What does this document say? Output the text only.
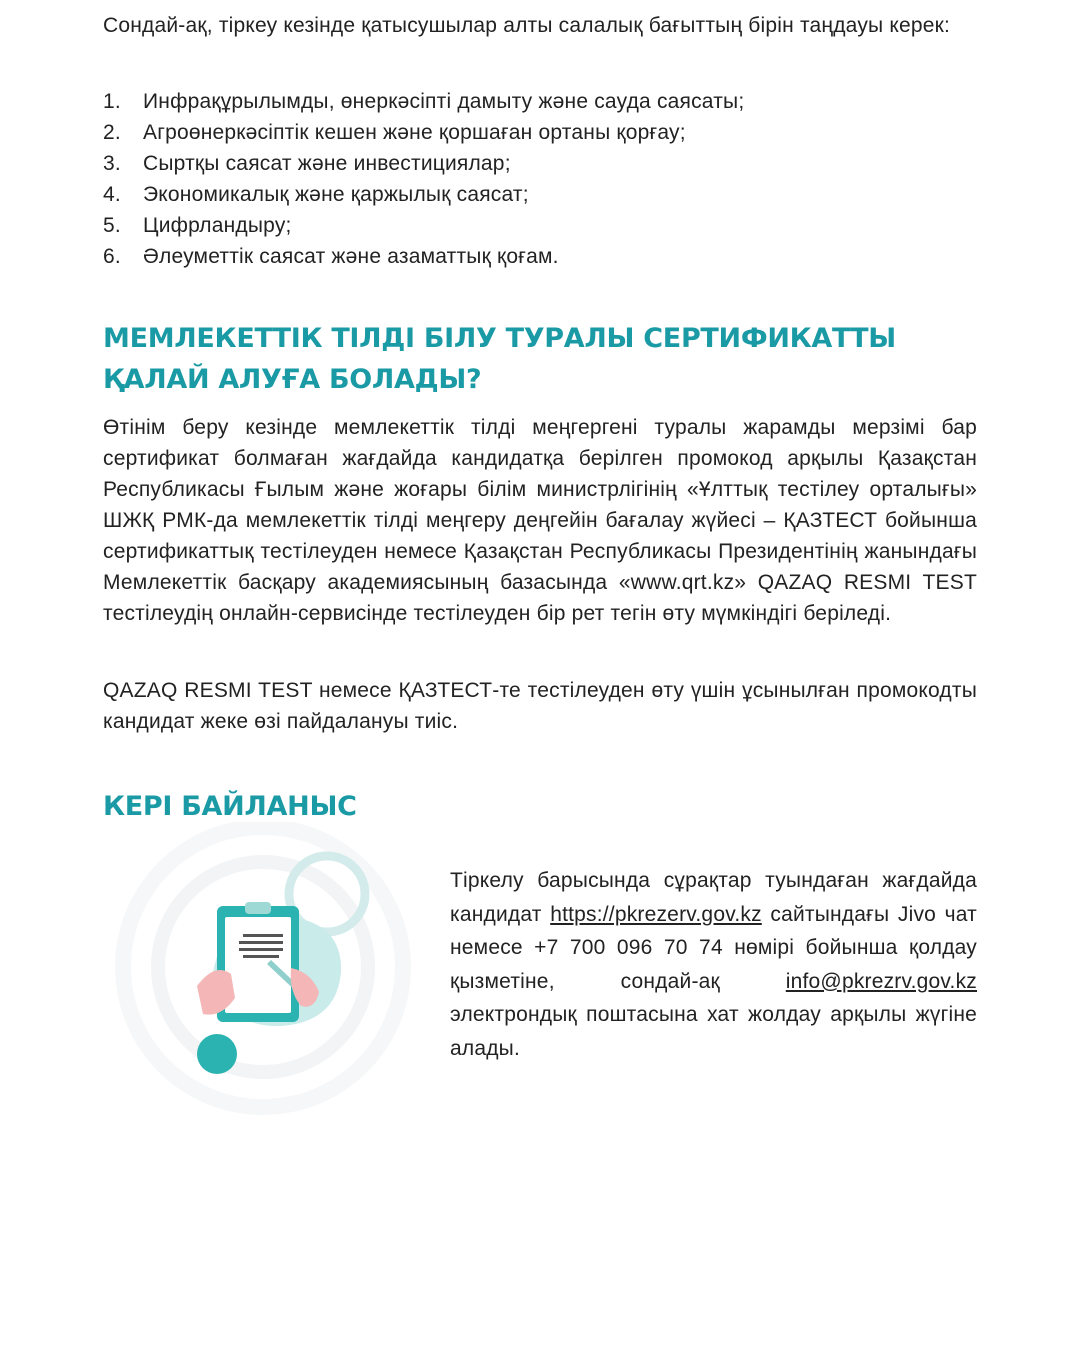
Сондай-ақ, тіркеу кезінде қатысушылар алты салалық бағыттың бірін таңдауы керек:

1.	Инфрақұрылымды, өнеркәсіпті дамыту және сауда саясаты;
2.	Агроөнеркәсіптік кешен және қоршаған ортаны қорғау;
3.	Сыртқы саясат және инвестициялар;
4.	Экономикалық және қаржылық саясат;
5.	Цифрландыру;
6.	Әлеуметтік саясат және азаматтық қоғам.
МЕМЛЕКЕТТІК ТІЛДІ БІЛУ ТУРАЛЫ СЕРТИФИКАТТЫ ҚАЛАЙ АЛУҒА БОЛАДЫ?

Өтінім беру кезінде мемлекеттік тілді меңгергені туралы жарамды мерзімі бар сертификат болмаған жағдайда кандидатқа берілген промокод арқылы Қазақстан Республикасы Ғылым және жоғары білім министрлігінің «Ұлттық тестілеу орталығы» ШЖҚ РМК-да мемлекеттік тілді меңгеру деңгейін бағалау жүйесі – ҚАЗТЕСТ бойынша сертификаттық тестілеуден немесе Қазақстан Республикасы Президентінің жанындағы Мемлекеттік басқару академиясының базасында «www.qrt.kz» QAZAQ RESMI TEST тестілеудің онлайн-сервисінде тестілеуден бір рет тегін өту мүмкіндігі беріледі.

QAZAQ RESMI TEST немесе ҚАЗТЕСТ-те тестілеуден өту үшін ұсынылған промокодты кандидат жеке өзі пайдалануы тиіс.

КЕРІ БАЙЛАНЫС

Тіркелу барысында сұрақтар туындаған жағдайда кандидат https://pkrezerv.gov.kz сайтындағы Jivo чат немесе +7 700 096 70 74 нөмірі бойынша қолдау қызметіне, сондай-ақ info@pkrezrv.gov.kz электрондық поштасына хат жолдау арқылы жүгіне алады.
